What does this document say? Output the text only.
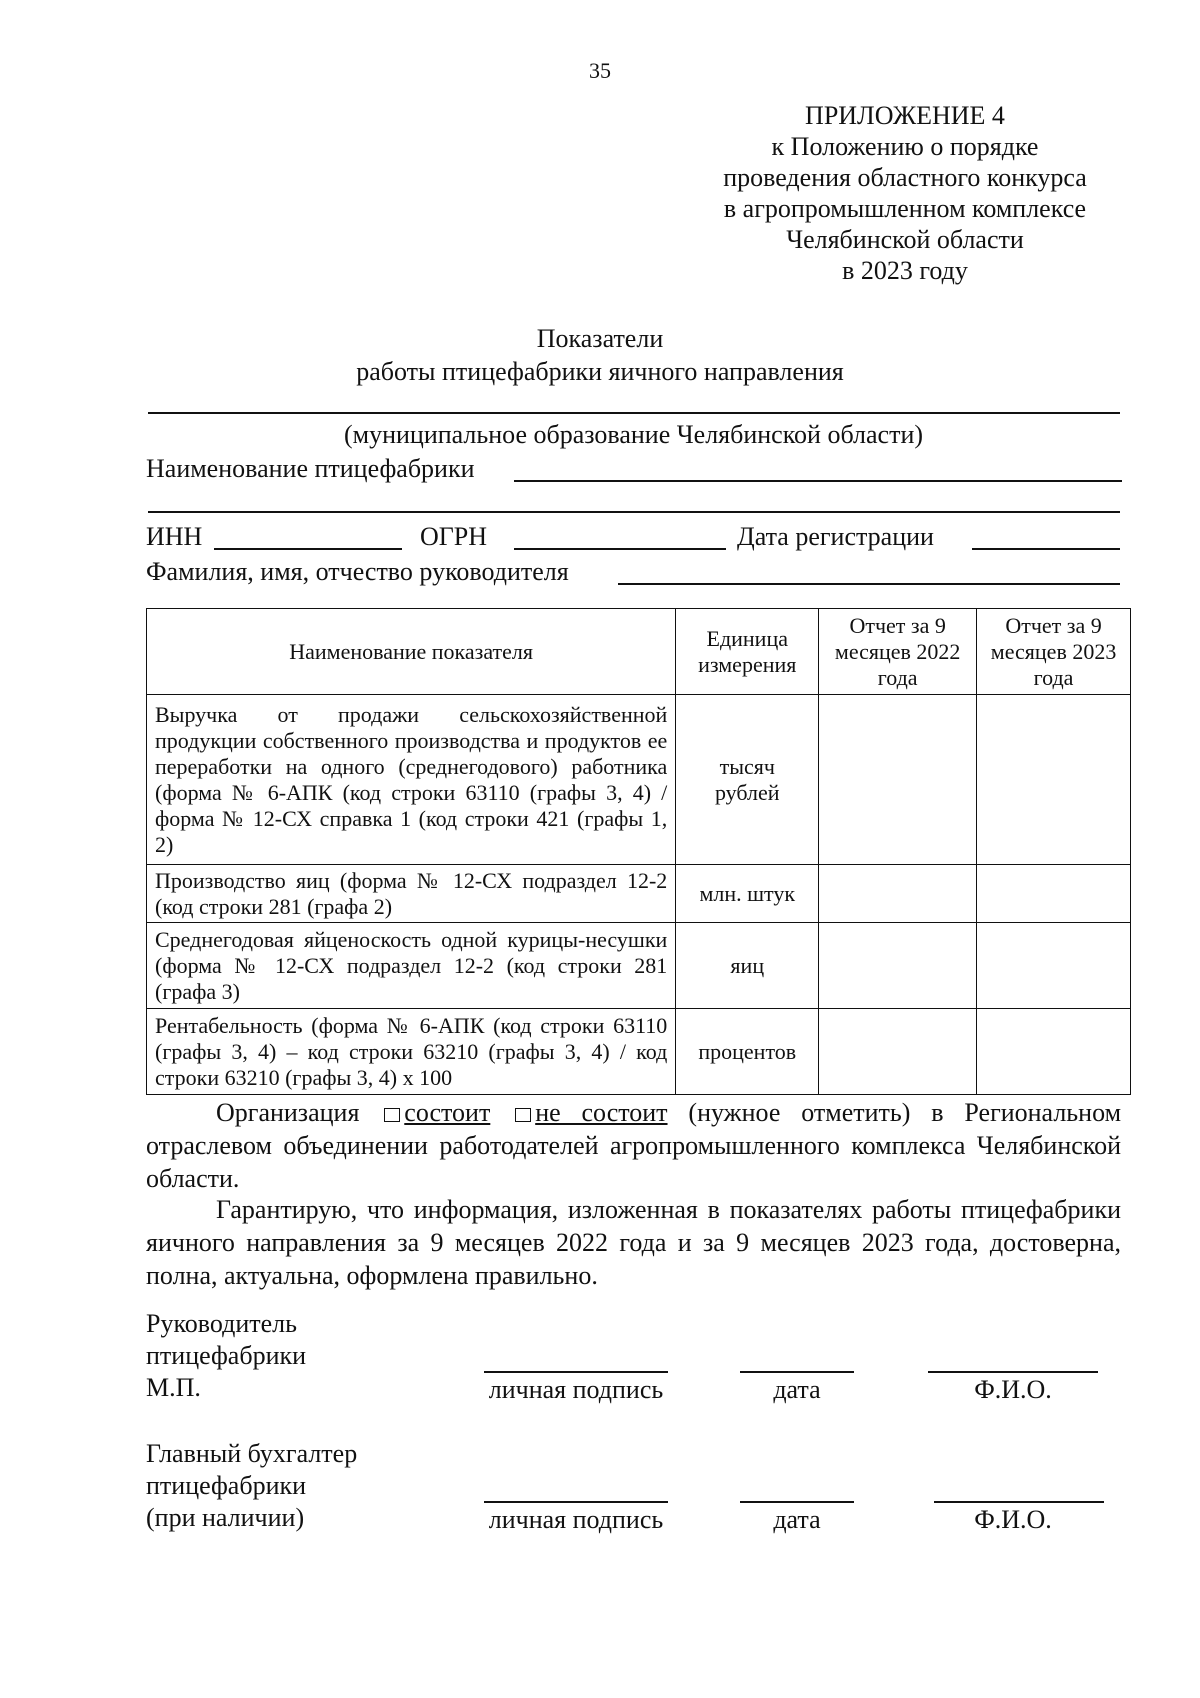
35
ПРИЛОЖЕНИЕ 4
к Положению о порядке
проведения областного конкурса
в агропромышленном комплексе
Челябинской области
в 2023 году
Показатели
работы птицефабрики яичного направления
(муниципальное образование Челябинской области)
Наименование птицефабрики
ИНН	ОГРН	Дата регистрации
Фамилия, имя, отчество руководителя
Наименование показателя	Единица измерения	Отчет за 9 месяцев 2022 года	Отчет за 9 месяцев 2023 года
Выручка от продажи сельскохозяйственной продукции собственного производства и продуктов ее переработки на одного (среднегодового) работника (форма № 6-АПК (код строки 63110 (графы 3, 4) / форма № 12-СХ справка 1 (код строки 421 (графы 1, 2)	тысяч рублей		
Производство яиц (форма № 12-СХ подраздел 12-2 (код строки 281 (графа 2)	млн. штук		
Среднегодовая яйценоскость одной курицы-несушки (форма № 12-СХ подраздел 12-2 (код строки 281 (графа 3)	яиц		
Рентабельность (форма № 6-АПК (код строки 63110 (графы 3, 4) – код строки 63210 (графы 3, 4) / код строки 63210 (графы 3, 4) х 100	процентов		
Организация состоит не состоит (нужное отметить) в Региональном отраслевом объединении работодателей агропромышленного комплекса Челябинской области.
Гарантирую, что информация, изложенная в показателях работы птицефабрики яичного направления за 9 месяцев 2022 года и за 9 месяцев 2023 года, достоверна, полна, актуальна, оформлена правильно.
Руководитель
птицефабрики
М.П.	личная подпись	дата	Ф.И.О.
Главный бухгалтер
птицефабрики
(при наличии)	личная подпись	дата	Ф.И.О.
